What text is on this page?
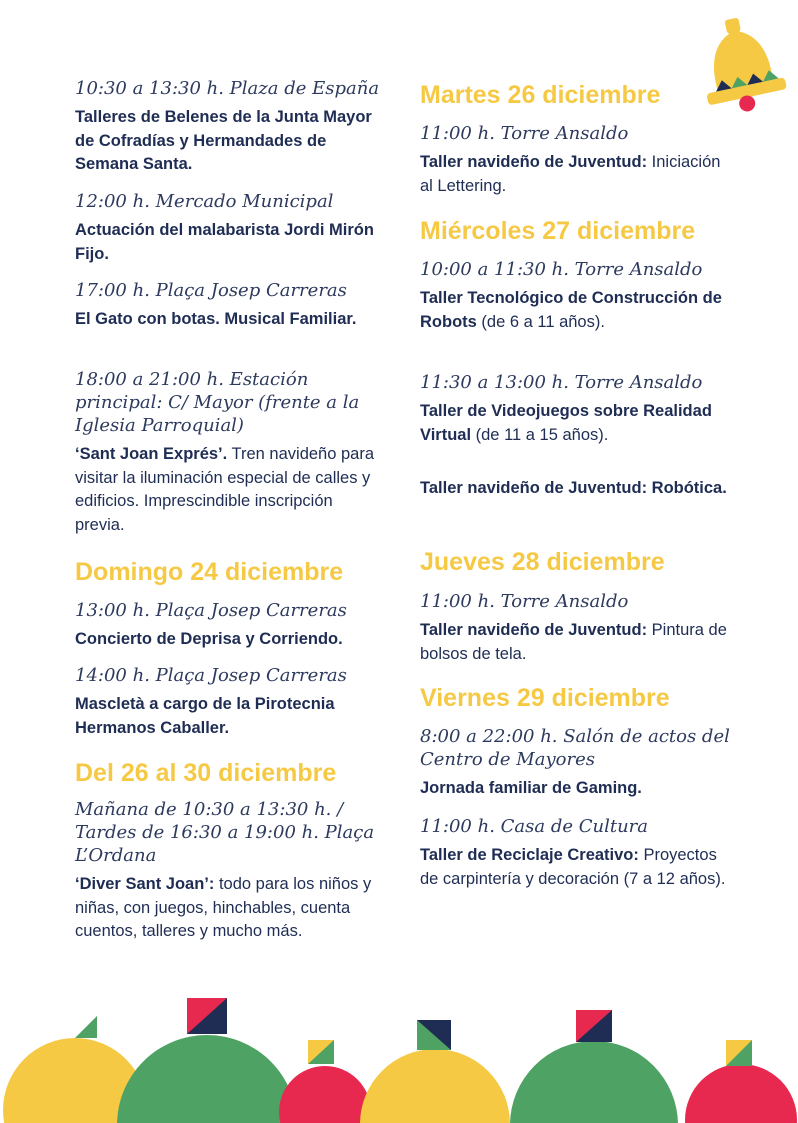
10:30 a 13:30 h. Plaza de España
Talleres de Belenes de la Junta Mayor de Cofradías y Hermandades de Semana Santa.
12:00 h. Mercado Municipal
Actuación del malabarista Jordi Mirón Fijo.
17:00 h. Plaça Josep Carreras
El Gato con botas. Musical Familiar.
18:00 a 21:00 h. Estación principal: C/ Mayor (frente a la Iglesia Parroquial)
‘Sant Joan Exprés’. Tren navideño para visitar la iluminación especial de calles y edificios. Imprescindible inscripción previa.
Domingo 24 diciembre
13:00 h. Plaça Josep Carreras
Concierto de Deprisa y Corriendo.
14:00 h. Plaça Josep Carreras
Mascletà a cargo de la Pirotecnia Hermanos Caballer.
Del 26 al 30 diciembre
Mañana de 10:30 a 13:30 h. / Tardes de 16:30 a 19:00 h. Plaça L’Ordana
‘Diver Sant Joan’: todo para los niños y niñas, con juegos, hinchables, cuenta cuentos, talleres y mucho más.
Martes 26 diciembre
11:00 h. Torre Ansaldo
Taller navideño de Juventud: Iniciación al Lettering.
Miércoles 27 diciembre
10:00 a 11:30 h. Torre Ansaldo
Taller Tecnológico de Construcción de Robots (de 6 a 11 años).
11:30 a 13:00 h. Torre Ansaldo
Taller de Videojuegos sobre Realidad Virtual (de 11 a 15 años).
Taller navideño de Juventud: Robótica.
Jueves 28 diciembre
11:00 h. Torre Ansaldo
Taller navideño de Juventud: Pintura de bolsos de tela.
Viernes 29 diciembre
8:00 a 22:00 h. Salón de actos del Centro de Mayores
Jornada familiar de Gaming.
11:00 h. Casa de Cultura
Taller de Reciclaje Creativo: Proyectos de carpintería y decoración (7 a 12 años).
